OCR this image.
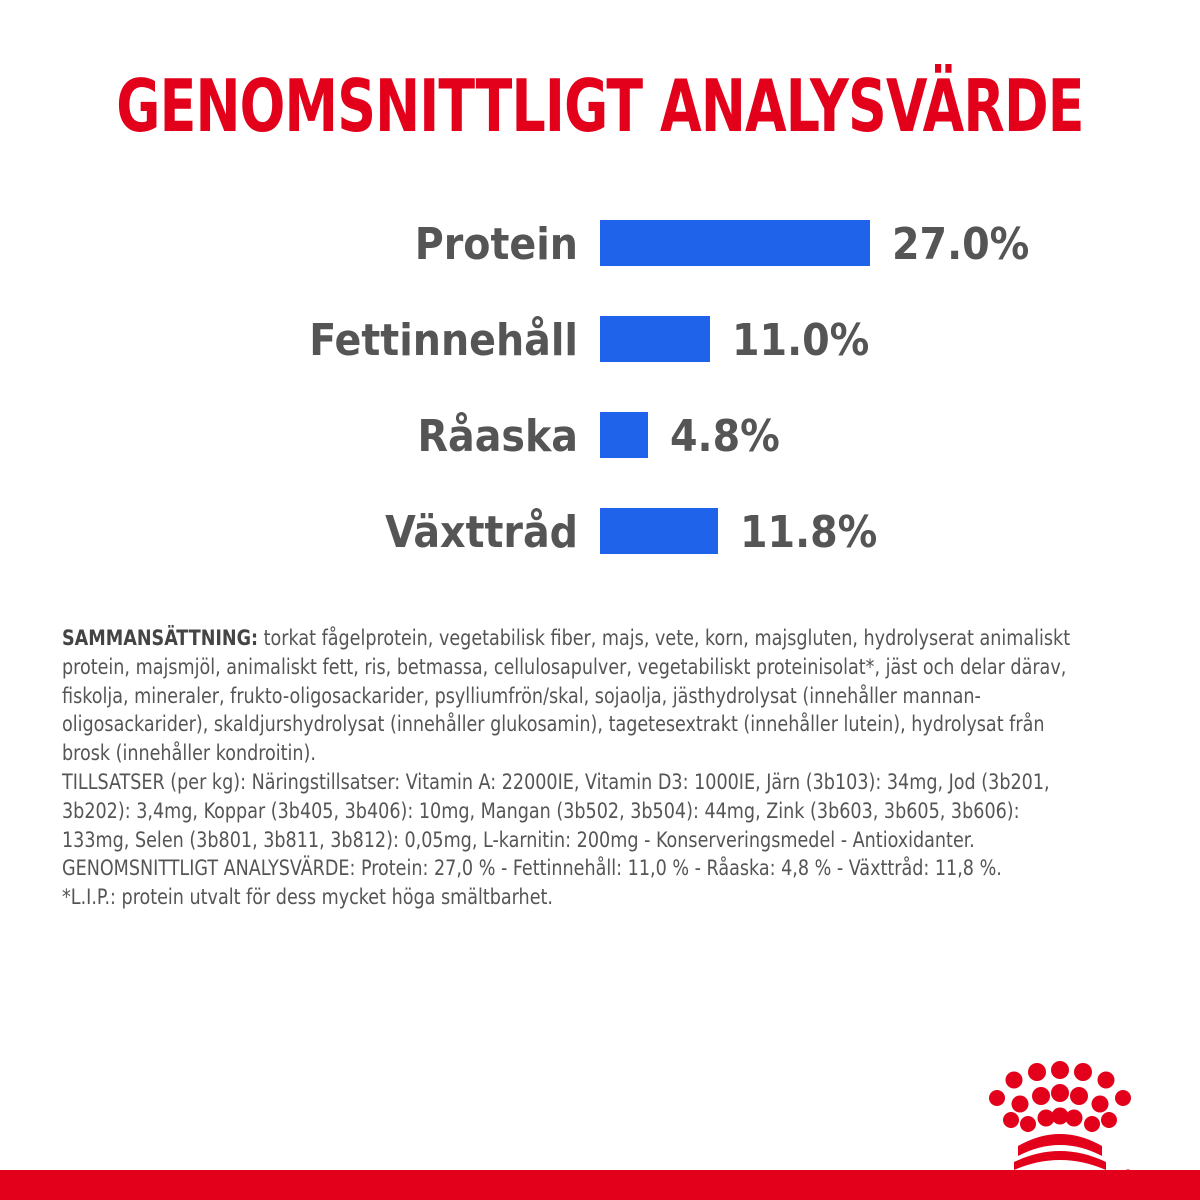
GENOMSNITTLIGT ANALYSVÄRDE
Protein	27.0%
Fettinnehåll	11.0%
Råaska 4.8%
Växttråd	11.8%

SAMMANSÄTTNING: torkat fågelprotein, vegetabilisk fiber, majs, vete, korn, majsgluten, hydrolyserat animaliskt protein, majsmjöl, animaliskt fett, ris, betmassa, cellulosapulver, vegetabiliskt proteinisolat*, jäst och delar därav, fiskolja, mineraler, frukto-oligosackarider, psylliumfrön/skal, sojaolja, jästhydrolysat (innehåller mannan-oligosackarider), skaldjurshydrolysat (innehåller glukosamin), tagetesextrakt (innehåller lutein), hydrolysat från brosk (innehåller kondroitin).

TILLSATSER (per kg): Näringstillsatser: Vitamin A: 22000IE, Vitamin D3: 1000IE, Järn (3b103): 34mg, Jod (3b201, 3b202): 3,4mg, Koppar (3b405, 3b406): 10mg, Mangan (3b502, 3b504): 44mg, Zink (3b603, 3b605, 3b606): 133mg, Selen (3b801, 3b811, 3b812): 0,05mg, L-karnitin: 200mg - Konserveringsmedel - Antioxidanter.

GENOMSNITTLIGT ANALYSVÄRDE: Protein: 27,0 % - Fettinnehåll: 11,0 % - Råaska: 4,8 % - Växttråd: 11,8 %.

*L.I.P.: protein utvalt för dess mycket höga smältbarhet.
